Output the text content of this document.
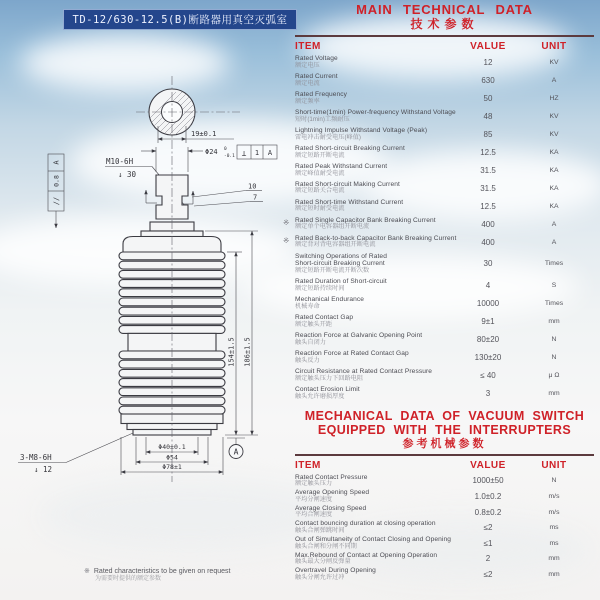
TD-12/630-12.5(B)断路器用真空灭弧室
19±0.1
M10-6H
↓ 30
Φ24 0
-0.1 ⊥ 1 A
A
0.8
//
10
7
154±1.5 186±1.5
A
Φ40±0.1
Φ54
Φ78±1
3-M8-6H
↓ 12
MAIN TECHNICAL DATA
技术参数
ITEM	VALUE	UNIT
Rated Voltage
额定电压	12	KV
Rated Current
额定电流	630	A
Rated Frequency
额定频率	50	HZ
Short-time(1min) Power-frequency Withstand Voltage
短时(1min)工频耐压	48	KV
Lightning Impulse Withstand Voltage (Peak)
雷电冲击耐受电压(峰值)	85	KV
Rated Short-circuit Breaking Current
额定短路开断电流	12.5	KA
Rated Peak Withstand Current
额定峰值耐受电流	31.5	KA
Rated Short-circuit Making Current
额定短路关合电流	31.5	KA
Rated Short-time Withstand Current
额定短时耐受电流	12.5	KA
※ Rated Single Capacitor Bank Breaking Current
额定单个电容器组开断电流	400	A
※ Rated Back-to-back Capacitor Bank Breaking Current
额定背对背电容器组开断电流	400	A
Switching Operations of Rated
Short-circuit Breaking Current
额定短路开断电流开断次数
30	Times
Rated Duration of Short-circuit
额定短路持续时间	4	S
Mechanical Endurance
机械寿命	10000	Times
Rated Contact Gap
额定触头开距	9±1	mm
Reaction Force at Galvanic Opening Point
触头自闭力	80±20	N
Reaction Force at Rated Contact Gap
触头反力	130±20	N
Circuit Resistance at Rated Contact Pressure
额定触头压力下回路电阻	≤ 40	μ Ω
Contact Erosion Limit
触头允许磨损厚度	3	mm
MECHANICAL DATA OF VACUUM SWITCH
EQUIPPED WITH THE INTERRUPTERS
参考机械参数
ITEM	VALUE	UNIT
Rated Contact Pressure
额定触头压力	1000±50	N
Average Opening Speed
平均分闸速度	1.0±0.2	m/s
Average Closing Speed
平均合闸速度	0.8±0.2	m/s
Contact bouncing duration at closing operation
触头合闸弹跳时间	≤2	ms
Out of Simultaneity of Contact Closing and Opening
触头合闸和分闸不同期	≤1	ms
Max.Rebound of Contact at Opening Operation
触头最大分闸反弹量	2	mm
Overtravel During Opening
触头分闸允许过冲	≤2	mm
※ Rated characteristics to be given on request
为需要时提供的额定参数
